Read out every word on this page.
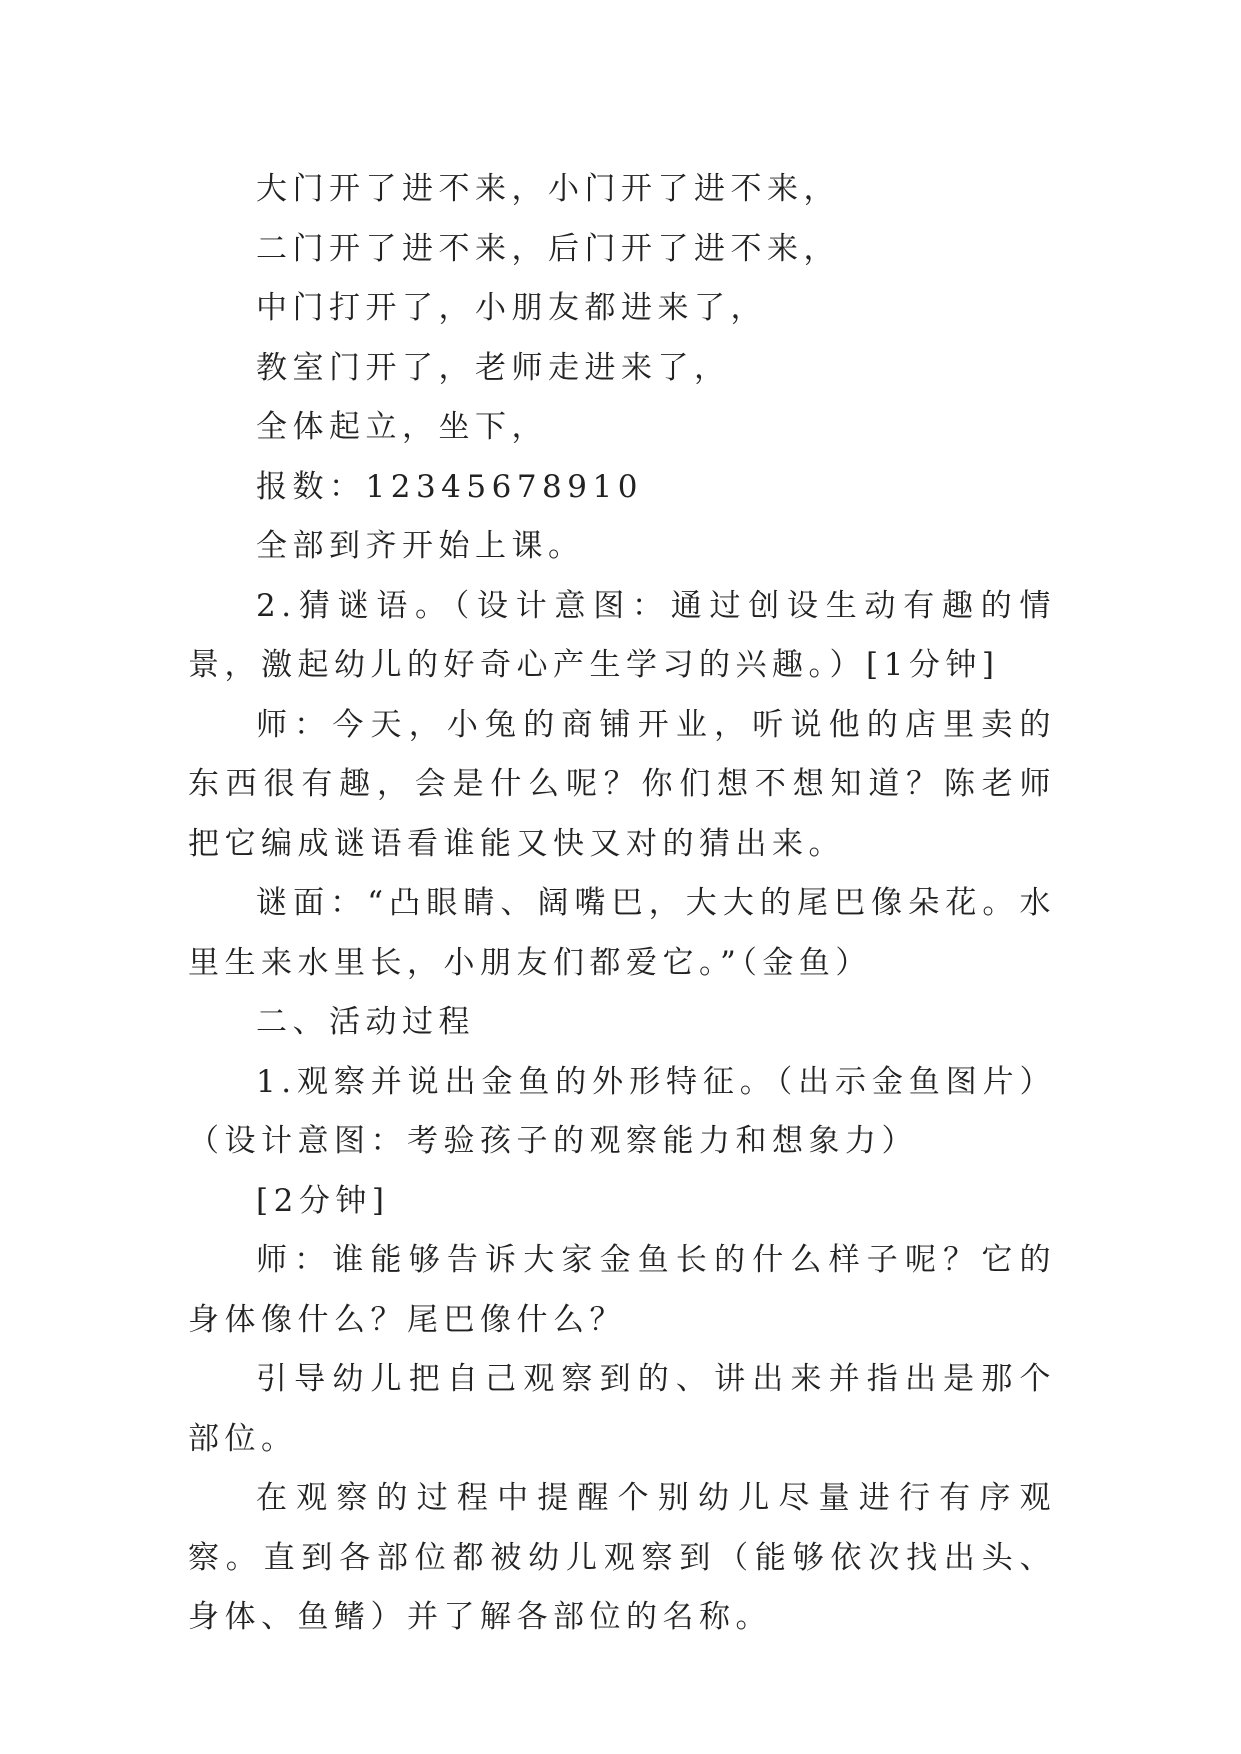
大门开了进不来，小门开了进不来，

二门开了进不来，后门开了进不来，

中门打开了，小朋友都进来了，

教室门开了，老师走进来了，

全体起立，坐下，

报数：12345678910

全部到齐开始上课。

2.猜谜语。（设计意图：通过创设生动有趣的情景，激起幼儿的好奇心产生学习的兴趣。）[1分钟]

师：今天，小兔的商铺开业，听说他的店里卖的东西很有趣，会是什么呢？你们想不想知道？陈老师把它编成谜语看谁能又快又对的猜出来。

谜面：“凸眼睛、阔嘴巴，大大的尾巴像朵花。水里生来水里长，小朋友们都爱它。”（金鱼）

二、活动过程

1.观察并说出金鱼的外形特征。（出示金鱼图片）（设计意图：考验孩子的观察能力和想象力）

[2分钟]

师：谁能够告诉大家金鱼长的什么样子呢？它的身体像什么？尾巴像什么？

引导幼儿把自己观察到的、讲出来并指出是那个部位。

在观察的过程中提醒个别幼儿尽量进行有序观察。直到各部位都被幼儿观察到（能够依次找出头、身体、鱼鳍）并了解各部位的名称。
